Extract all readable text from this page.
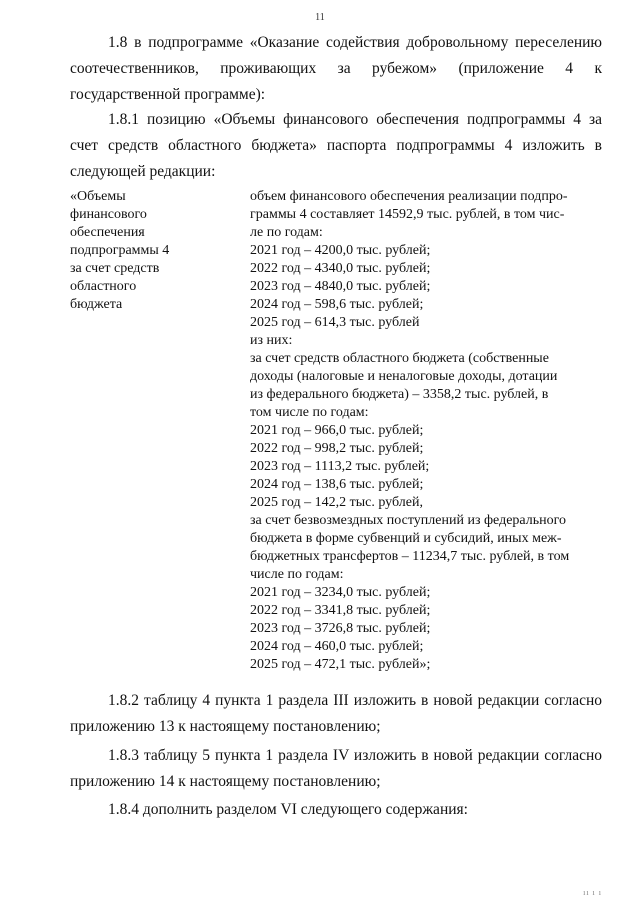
11

1.8 в подпрограмме «Оказание содействия добровольному переселению соотечественников, проживающих за рубежом» (приложение 4 к государственной программе):

1.8.1 позицию «Объемы финансового обеспечения подпрограммы 4 за счет средств областного бюджета» паспорта подпрограммы 4 изложить в следующей редакции:

«Объемы
финансового
обеспечения
подпрограммы 4
за счет средств
областного
бюджета
объем финансового обеспечения реализации подпро-
граммы 4 составляет 14592,9 тыс. рублей, в том чис-
ле по годам:
2021 год – 4200,0 тыс. рублей;
2022 год – 4340,0 тыс. рублей;
2023 год – 4840,0 тыс. рублей;
2024 год – 598,6 тыс. рублей;
2025 год – 614,3 тыс. рублей
из них:
за счет средств областного бюджета (собственные
доходы (налоговые и неналоговые доходы, дотации
из федерального бюджета) – 3358,2 тыс. рублей, в
том числе по годам:
2021 год – 966,0 тыс. рублей;
2022 год – 998,2 тыс. рублей;
2023 год – 1113,2 тыс. рублей;
2024 год – 138,6 тыс. рублей;
2025 год – 142,2 тыс. рублей,
за счет безвозмездных поступлений из федерального
бюджета в форме субвенций и субсидий, иных меж-
бюджетных трансфертов – 11234,7 тыс. рублей, в том
числе по годам:
2021 год – 3234,0 тыс. рублей;
2022 год – 3341,8 тыс. рублей;
2023 год – 3726,8 тыс. рублей;
2024 год – 460,0 тыс. рублей;
2025 год – 472,1 тыс. рублей»;

1.8.2 таблицу 4 пункта 1 раздела III изложить в новой редакции согласно приложению 13 к настоящему постановлению;

1.8.3 таблицу 5 пункта 1 раздела IV изложить в новой редакции согласно приложению 14 к настоящему постановлению;

1.8.4 дополнить разделом VI следующего содержания:

ıı ı ı
